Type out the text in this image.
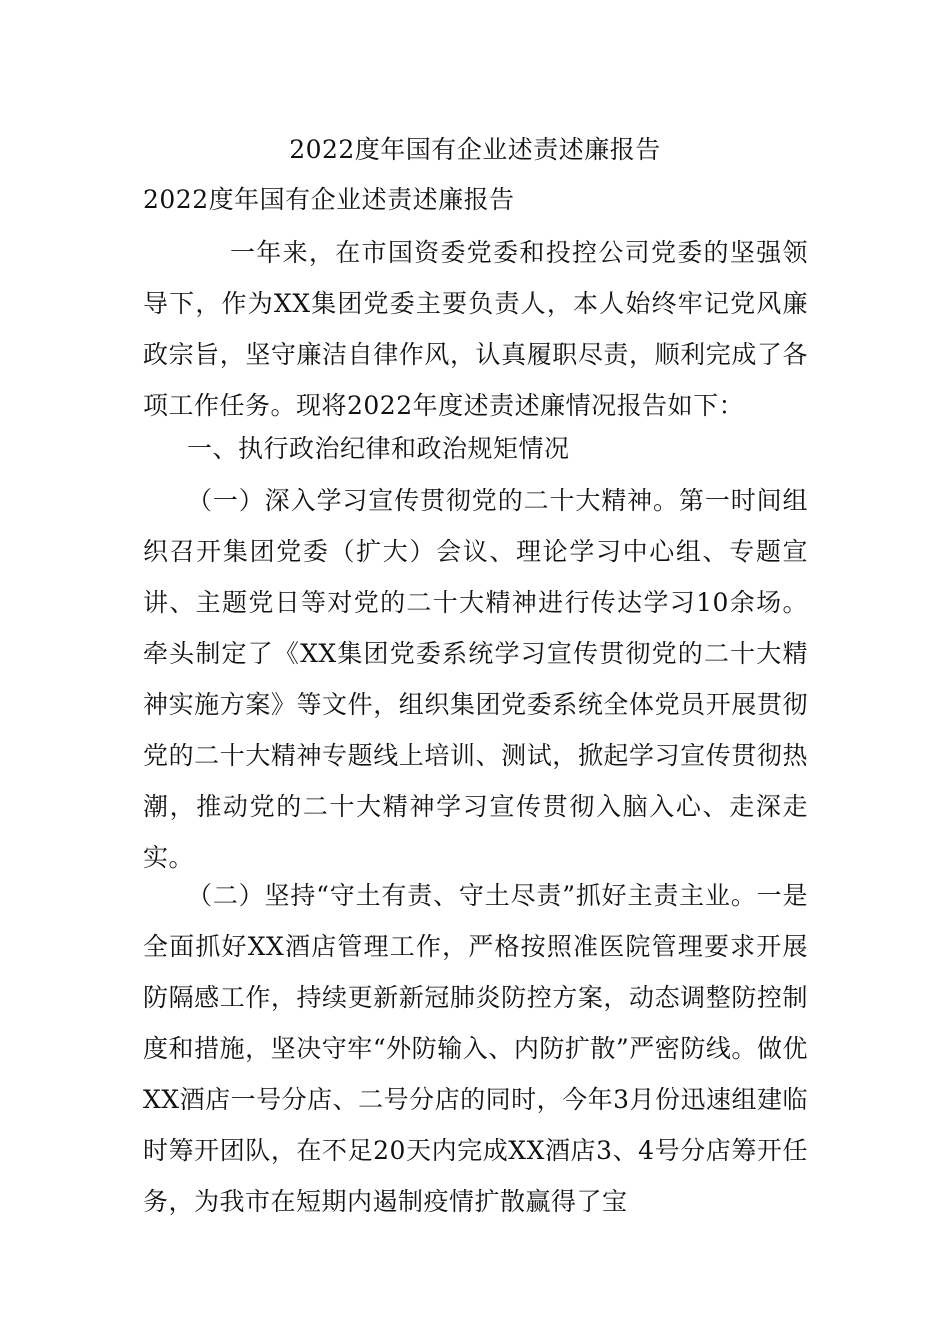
2022度年国有企业述责述廉报告
2022度年国有企业述责述廉报告

一年来，在市国资委党委和投控公司党委的坚强领导下，作为XX集团党委主要负责人，本人始终牢记党风廉政宗旨，坚守廉洁自律作风，认真履职尽责，顺利完成了各项工作任务。现将2022年度述责述廉情况报告如下：

一、执行政治纪律和政治规矩情况

（一）深入学习宣传贯彻党的二十大精神。第一时间组织召开集团党委（扩大）会议、理论学习中心组、专题宣讲、主题党日等对党的二十大精神进行传达学习10余场。牵头制定了《XX集团党委系统学习宣传贯彻党的二十大精神实施方案》等文件，组织集团党委系统全体党员开展贯彻党的二十大精神专题线上培训、测试，掀起学习宣传贯彻热潮，推动党的二十大精神学习宣传贯彻入脑入心、走深走实。

（二）坚持“守土有责、守土尽责”抓好主责主业。一是全面抓好XX酒店管理工作，严格按照准医院管理要求开展防隔感工作，持续更新新冠肺炎防控方案，动态调整防控制度和措施，坚决守牢“外防输入、内防扩散”严密防线。做优XX酒店一号分店、二号分店的同时，今年3月份迅速组建临时筹开团队，在不足20天内完成XX酒店3、4号分店筹开任务，为我市在短期内遏制疫情扩散赢得了宝
